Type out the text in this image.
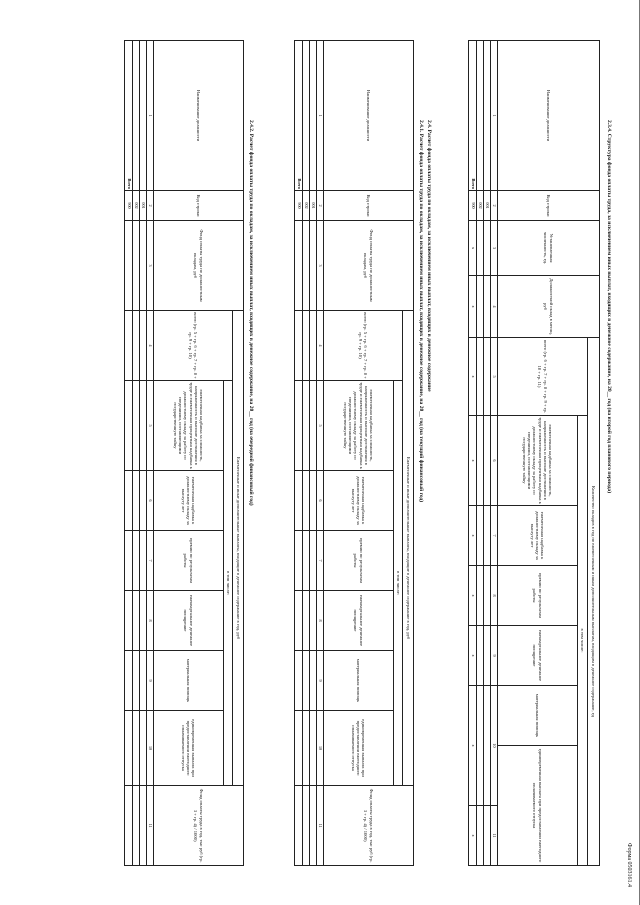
Форма 0503161.4
2.3.4. Структура фонда оплаты труда, за исключением иных выплат, входящих в денежное содержание, на 20__ год (на второй год планового периода)
Наименование должности	Код строки	Установленная численность, ед.	Должностной оклад в месяц, руб	Количество окладов в год по ежемесячным и иным дополнительным выплатам, входящим в денежное содержание, ед							
				всего (гр. 6 + гр. 7 + гр. 8 + гр. 9 + гр. 10 + гр. 11)	в том числе:						
					ежемесячная надбавка за сложность, напряженность и высокие достижения в труде и ежемесячная процентная надбавка к должностному окладу за работу со сведениями, составляющими государственную тайну	ежемесячная надбавка к должностному окладу за выслугу лет	премии по результатам работы	ежеквартальное денежное поощрение	материальная помощь	единовременная выплата при предоставлении ежегодного оплачиваемого отпуска	
1	2	3	4	5	6	7	8	9	10		11
	001										
	002										
Всего	900	x	x	x	x	x	x	x	x		x
2.4. Расчет фонда оплаты труда по окладам, за исключением иных выплат, входящих в денежное содержание
2.4.1. Расчет фонда оплаты труда по окладам, за исключением иных выплат, входящих в денежное содержание, на 20__ год (на текущий финансовый год)
Наименование должности	Код строки	Фонд оплаты труда по должностным окладам, руб	Ежемесячные и иные дополнительные выплаты, входящие в денежное содержание в год, руб							Фонд оплаты труда в год, тыс руб (гр. 3 + гр. 4) / 1000)
			всего (гр. 5 + гр. 6 + гр. 7 + гр. 8 + гр. 9 + гр. 10)	в том числе:						
				ежемесячная надбавка за сложность, напряженность и высокие достижения в труде и ежемесячная процентная надбавка к должностному окладу за работу со сведениями, составляющими государственную тайну	ежемесячная надбавка к должностному окладу за выслугу лет	премии по результатам работы	ежеквартальное денежное поощрение	материальная помощь	единовременная выплата при предоставлении ежегодного оплачиваемого отпуска	
1	2	3	4	5	6	7	8	9	10	11
	001									
	002									
Всего	900									
2.4.2. Расчет фонда оплаты труда по окладам, за исключением иных выплат, входящих в денежное содержание, на 20__ год (на очередной финансовый год)
Наименование должности	Код строки	Фонд оплаты труда по должностным окладам, руб	Ежемесячные и иные дополнительные выплаты, входящие в денежное содержание в год, руб							Фонд оплаты труда в год, тыс руб (гр. 3 + гр. 4) / 1000)
			всего (гр. 5 + гр. 6 + гр. 7 + гр. 8 + гр. 9 + гр. 10)	в том числе:						
				ежемесячная надбавка за сложность, напряженность и высокие достижения в труде и ежемесячная процентная надбавка к должностному окладу за работу со сведениями, составляющими государственную тайну	ежемесячная надбавка к должностному окладу за выслугу лет	премии по результатам работы	ежеквартальное денежное поощрение	материальная помощь	единовременная выплата при предоставлении ежегодного оплачиваемого отпуска	
1	2	3	4	5	6	7	8	9	10	11
	001									
	002									
Всего	900									
